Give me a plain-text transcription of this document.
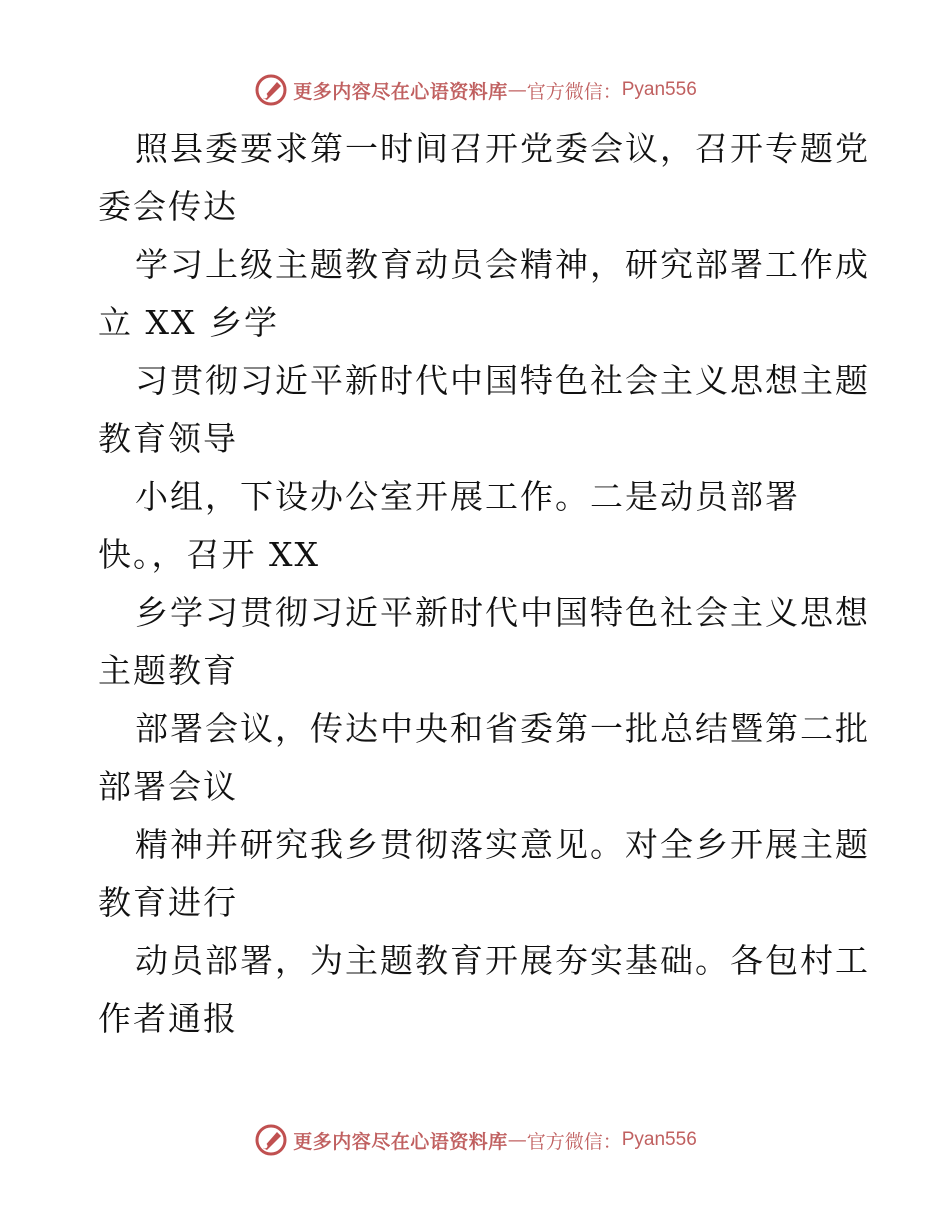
更多内容尽在心语资料库 — 官方微信： Pyan556
照县委要求第一时间召开党委会议，召开专题党
委会传达
学习上级主题教育动员会精神，研究部署工作成
立 XX 乡学
习贯彻习近平新时代中国特色社会主义思想主题
教育领导
小组，下设办公室开展工作。二是动员部署
快。，召开 XX
乡学习贯彻习近平新时代中国特色社会主义思想
主题教育
部署会议，传达中央和省委第一批总结暨第二批
部署会议
精神并研究我乡贯彻落实意见。对全乡开展主题
教育进行
动员部署，为主题教育开展夯实基础。各包村工
作者通报
更多内容尽在心语资料库 — 官方微信： Pyan556
